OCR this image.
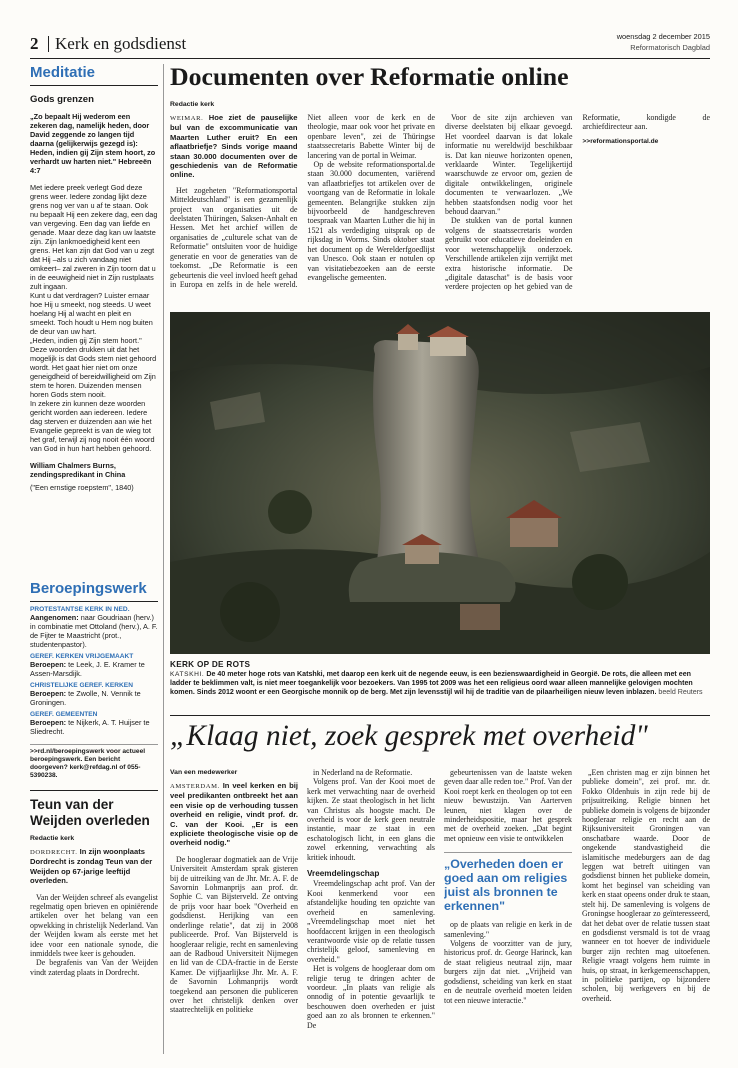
2 Kerk en godsdienst	woensdag 2 december 2015
Reformatorisch Dagblad
Meditatie
Gods grenzen
„Zo bepaalt Hij wederom een zekeren dag, namelijk heden, door David zeggende zo langen tijd daarna (gelijkerwijs gezegd is): Heden, indien gij Zijn stem hoort, zo verhardt uw harten niet." Hebreeën 4:7

Met iedere preek verlegt God deze grens weer. Iedere zondag lijkt deze grens nog ver van u af te staan. Ook nu bepaalt Hij een zekere dag, een dag van vergeving. Een dag van liefde en genade. Maar deze dag kan uw laatste zijn. Zijn lankmoedigheid kent een grens. Het kan zijn dat God van u zegt dat Hij –als u zich vandaag niet omkeert– zal zweren in Zijn toorn dat u in de eeuwigheid niet in Zijn rustplaats zult ingaan.

Kunt u dat verdragen? Luister ernaar hoe Hij u smeekt, nog steeds. U weet hoelang Hij al wacht en pleit en smeekt. Toch houdt u Hem nog buiten de deur van uw hart.

„Heden, indien gij Zijn stem hoort." Deze woorden drukken uit dat het mogelijk is dat Gods stem niet gehoord wordt. Het gaat hier niet om onze geneigdheid of bereidwilligheid om Zijn stem te horen. Duizenden mensen horen Gods stem nooit.

In zekere zin kunnen deze woorden gericht worden aan iedereen. Iedere dag sterven er duizenden aan wie het Evangelie gepreekt is van de wieg tot het graf, terwijl zij nog nooit één woord van God in hun hart hebben gehoord.

William Chalmers Burns, zendingspredikant in China
("Een ernstige roepstem", 1840)
Beroepingswerk
PROTESTANTSE KERK IN NED.
Aangenomen: naar Goudriaan (herv.) in combinatie met Ottoland (herv.), A. F. de Fijter te Maastricht (prot., studentenpastor).
GEREF. KERKEN VRIJGEMAAKT
Beroepen: te Leek, J. E. Kramer te Assen-Marsdijk.
CHRISTELIJKE GEREF. KERKEN
Beroepen: te Zwolle, N. Vennik te Groningen.
GEREF. GEMEENTEN
Beroepen: te Nijkerk, A. T. Huijser te Sliedrecht.
>>rd.nl/beroepingswerk voor actueel beroepingswerk. Een bericht doorgeven? kerk@refdag.nl of 055-5390238.
Teun van der Weijden overleden
Redactie kerk
DORDRECHT. In zijn woonplaats Dordrecht is zondag Teun van der Weijden op 67-jarige leeftijd overleden.

Van der Weijden schreef als evangelist regelmatig open brieven en opiniërende artikelen over het belang van een opwekking in christelijk Nederland. Van der Weijden kwam als eerste met het idee voor een nationale synode, die inmiddels twee keer is gehouden.

De begrafenis van Van der Weijden vindt zaterdag plaats in Dordrecht.

Documenten over Reformatie online
Redactie kerk
WEIMAR. Hoe ziet de pauselijke bul van de excommunicatie van Maarten Luther eruit? En een aflaatbriefje? Sinds vorige maand staan 30.000 documenten over de geschiedenis van de Reformatie online.

Het zogeheten "Reformationsportal Mitteldeutschland" is een gezamenlijk project van organisaties uit de deelstaten Thüringen, Saksen-Anhalt en Hessen. Met het archief willen de organisaties de „culturele schat van de Reformatie" ontsluiten voor de huidige generatie en voor de generaties van de toekomst. „De Reformatie is een gebeurtenis die veel invloed heeft gehad in Europa en zelfs in de hele wereld. Niet alleen voor de kerk en de theologie, maar ook voor het private en openbare leven", zei de Thüringse staatssecretaris Babette Winter bij de lancering van de portal in Weimar.

Op de website reformationsportal.de staan 30.000 documenten, variërend van aflaatbriefjes tot artikelen over de voortgang van de Reformatie in lokale gemeenten. Belangrijke stukken zijn bijvoorbeeld de handgeschreven toespraak van Maarten Luther die hij in 1521 als verdediging uitsprak op de rijksdag in Worms. Sinds oktober staat het document op de Werelderfgoedlijst van Unesco. Ook staan er notulen op van visitatiebezoeken aan de eerste evangelische gemeenten.

Voor de site zijn archieven van diverse deelstaten bij elkaar gevoegd. Het voordeel daarvan is dat lokale informatie nu wereldwijd beschikbaar is. Dat kan nieuwe horizonten openen, verklaarde Winter. Tegelijkertijd waarschuwde ze ervoor om, gezien de digitale ontwikkelingen, originele documenten te verwaarlozen. „We hebben staatsfondsen nodig voor het behoud daarvan."

De stukken van de portal kunnen volgens de staatssecretaris worden gebruikt voor educatieve doeleinden en voor wetenschappelijk onderzoek. Verschillende artikelen zijn verrijkt met extra historische informatie. De „digitale dataschat" is de basis voor verdere projecten op het gebied van de Reformatie, kondigde de archiefdirecteur aan.

>>reformationsportal.de
KERK OP DE ROTS
KATSKHI. De 40 meter hoge rots van Katshki, met daarop een kerk uit de negende eeuw, is een bezienswaardigheid in Georgië. De rots, die alleen met een ladder te beklimmen valt, is niet meer toegankelijk voor bezoekers. Van 1995 tot 2009 was het een religieus oord waar alleen mannelijke gelovigen mochten komen. Sinds 2012 woont er een Georgische monnik op de berg. Met zijn levensstijl wil hij de traditie van de pilaarheiligen nieuw leven inblazen. beeld Reuters
„Klaag niet, zoek gesprek met overheid"
Van een medewerker
AMSTERDAM. In veel kerken en bij veel predikanten ontbreekt het aan een visie op de verhouding tussen overheid en religie, vindt prof. dr. C. van der Kooi. „Er is een expliciete theologische visie op de overheid nodig."

De hoogleraar dogmatiek aan de Vrije Universiteit Amsterdam sprak gisteren bij de uitreiking van de Jhr. Mr. A. F. de Savornin Lohmanprijs aan prof. dr. Sophie C. van Bijsterveld. Ze ontving de prijs voor haar boek "Overheid en godsdienst. Herijking van een onderlinge relatie", dat zij in 2008 publiceerde. Prof. Van Bijsterveld is hoogleraar religie, recht en samenleving aan de Radboud Universiteit Nijmegen en lid van de CDA-fractie in de Eerste Kamer. De vijfjaarlijkse Jhr. Mr. A. F. de Savornin Lohmanprijs wordt toegekend aan personen die publiceren over het christelijk denken over staatrechtelijk en politieke

in Nederland na de Reformatie.

Volgens prof. Van der Kooi moet de kerk met verwachting naar de overheid kijken. Ze staat theologisch in het licht van Christus als hoogste macht. De overheid is voor de kerk geen neutrale instantie, maar ze staat in een eschatologisch licht, in een glans die zowel erkenning, verwachting als kritiek inhoudt.

Vreemdelingschap

Vreemdelingschap acht prof. Van der Kooi kenmerkend voor een afstandelijke houding ten opzichte van overheid en samenleving. „Vreemdelingschap moet niet het hoofdaccent krijgen in een theologisch verantwoorde visie op de relatie tussen christelijk geloof, samenleving en overheid."

Het is volgens de hoogleraar dom om religie terug te dringen achter de voordeur. „In plaats van religie als onnodig of in potentie gevaarlijk te beschouwen doen overheden er juist goed aan zo als bronnen te erkennen." De

gebeurtenissen van de laatste weken geven daar alle reden toe." Prof. Van der Kooi roept kerk en theologen op tot een nieuw bewustzijn. Van Aarterven leunen, niet klagen over de minderheidspositie, maar het gesprek met de overheid zoeken. „Dat begint met opnieuw een visie te ontwikkelen

„Overheden doen er goed aan om religies juist als bronnen te erkennen"

op de plaats van religie en kerk in de samenleving."

Volgens de voorzitter van de jury, historicus prof. dr. George Harinck, kan de staat religieus neutraal zijn, maar burgers zijn dat niet. „Vrijheid van godsdienst, scheiding van kerk en staat en de neutrale overheid moeten leiden tot een nieuwe interactie."

„Een christen mag er zijn binnen het publieke domein", zei prof. mr. dr. Fokko Oldenhuis in zijn rede bij de prijsuitreiking. Religie binnen het publieke domein is volgens de bijzonder hoogleraar religie en recht aan de Rijksuniversiteit Groningen van onschatbare waarde. Door de ongekende standvastigheid die islamitische medeburgers aan de dag leggen wat betreft uitingen van godsdienst binnen het publieke domein, komt het beginsel van scheiding van kerk en staat opeens onder druk te staan, stelt hij. De samenleving is volgens de Groningse hoogleraar zo geïnteresseerd, dat het debat over de relatie tussen staat en godsdienst versmald is tot de vraag wanneer en tot hoever de individuele burger zijn rechten mag uitoefenen. Religie vraagt volgens hem ruimte in huis, op straat, in kerkgemeenschappen, in politieke partijen, op bijzondere scholen, bij werkgevers en bij de overheid.
